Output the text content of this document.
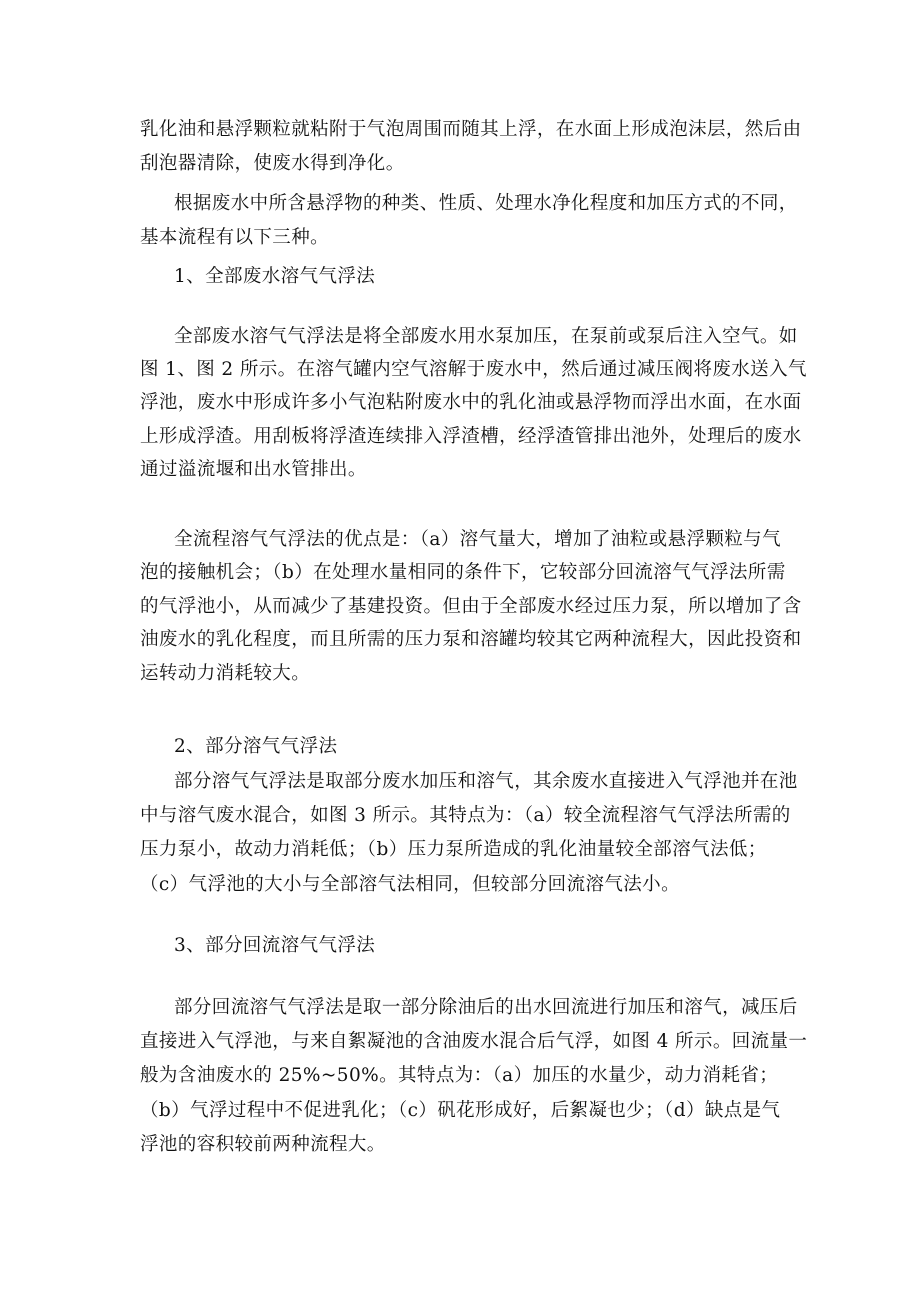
乳化油和悬浮颗粒就粘附于气泡周围而随其上浮，在水面上形成泡沫层，然后由
刮泡器清除，使废水得到净化。
根据废水中所含悬浮物的种类、性质、处理水净化程度和加压方式的不同，
基本流程有以下三种。
1、全部废水溶气气浮法
全部废水溶气气浮法是将全部废水用水泵加压，在泵前或泵后注入空气。如
图 1、图 2 所示。在溶气罐内空气溶解于废水中，然后通过减压阀将废水送入气
浮池，废水中形成许多小气泡粘附废水中的乳化油或悬浮物而浮出水面，在水面
上形成浮渣。用刮板将浮渣连续排入浮渣槽，经浮渣管排出池外，处理后的废水
通过溢流堰和出水管排出。
全流程溶气气浮法的优点是：（a）溶气量大，增加了油粒或悬浮颗粒与气
泡的接触机会；（b）在处理水量相同的条件下，它较部分回流溶气气浮法所需
的气浮池小，从而减少了基建投资。但由于全部废水经过压力泵，所以增加了含
油废水的乳化程度，而且所需的压力泵和溶罐均较其它两种流程大，因此投资和
运转动力消耗较大。
2、部分溶气气浮法
部分溶气气浮法是取部分废水加压和溶气，其余废水直接进入气浮池并在池
中与溶气废水混合，如图 3 所示。其特点为：（a）较全流程溶气气浮法所需的
压力泵小，故动力消耗低；（b）压力泵所造成的乳化油量较全部溶气法低；
（c）气浮池的大小与全部溶气法相同，但较部分回流溶气法小。
3、部分回流溶气气浮法
部分回流溶气气浮法是取一部分除油后的出水回流进行加压和溶气，减压后
直接进入气浮池，与来自絮凝池的含油废水混合后气浮，如图 4 所示。回流量一
般为含油废水的 25%~50%。其特点为：（a）加压的水量少，动力消耗省；
（b）气浮过程中不促进乳化；（c）矾花形成好，后絮凝也少；（d）缺点是气
浮池的容积较前两种流程大。
